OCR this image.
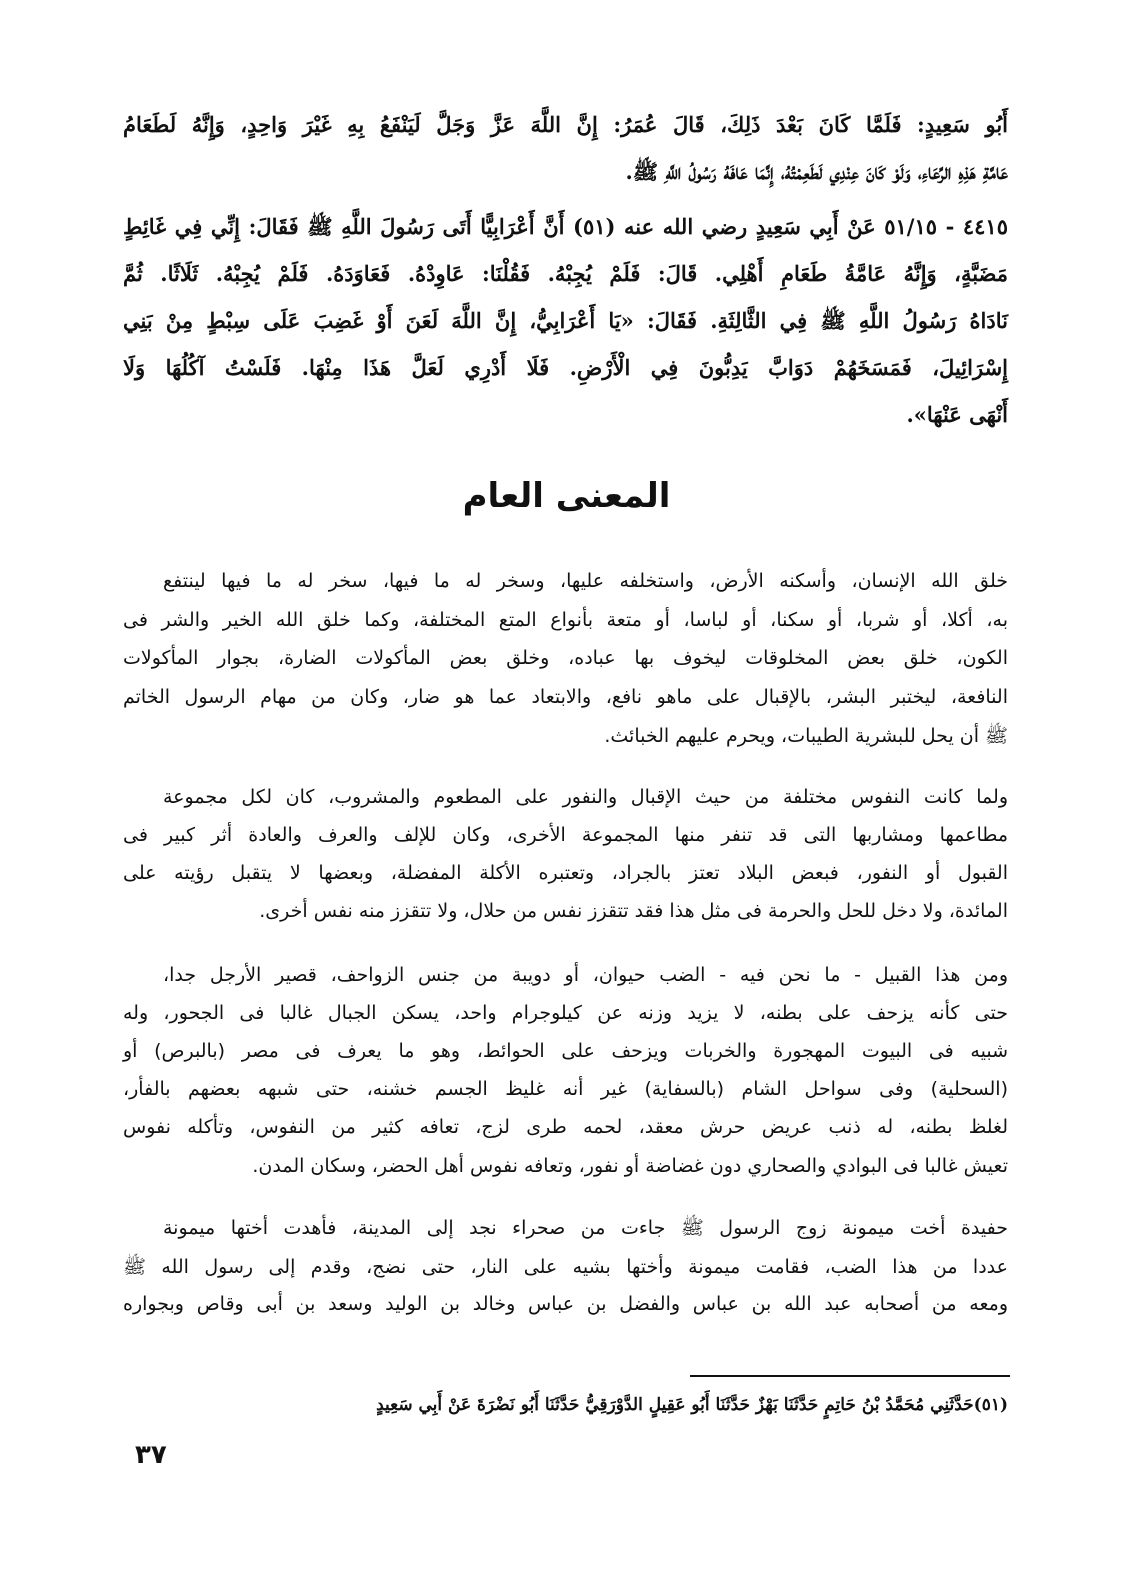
أَبُو سَعِيدٍ: فَلَمَّا كَانَ بَعْدَ ذَلِكَ، قَالَ عُمَرُ: إِنَّ اللَّهَ عَزَّ وَجَلَّ لَيَنْفَعُ بِهِ غَيْرَ وَاحِدٍ، وَإِنَّهُ لَطَعَامُ
عَامَّةِ هَذِهِ الرِّعَاءِ، وَلَوْ كَانَ عِنْدِي لَطَعِمْتُهُ، إِنَّمَا عَافَهُ رَسُولُ اللَّهِ ﷺ.
٤٤١٥ - ٥١/١٥ عَنْ أَبِي سَعِيدٍ رضي الله عنه (٥١) أَنَّ أَعْرَابِيًّا أَتَى رَسُولَ اللَّهِ ﷺ فَقَالَ: إِنِّي فِي غَائِطٍ
مَضَبَّةٍ، وَإِنَّهُ عَامَّةُ طَعَامِ أَهْلِي. قَالَ: فَلَمْ يُجِبْهُ. فَقُلْنَا: عَاوِدْهُ. فَعَاوَدَهُ. فَلَمْ يُجِبْهُ. ثَلَاثًا. ثُمَّ
نَادَاهُ رَسُولُ اللَّهِ ﷺ فِي الثَّالِثَةِ. فَقَالَ: «يَا أَعْرَابِيُّ، إِنَّ اللَّهَ لَعَنَ أَوْ غَضِبَ عَلَى سِبْطٍ مِنْ بَنِي
إِسْرَائِيلَ، فَمَسَخَهُمْ دَوَابَّ يَدِبُّونَ فِي الْأَرْضِ. فَلَا أَدْرِي لَعَلَّ هَذَا مِنْهَا. فَلَسْتُ آكُلُهَا وَلَا
أَنْهَى عَنْهَا».
المعنى العام
خلق الله الإنسان، وأسكنه الأرض، واستخلفه عليها، وسخر له ما فيها، سخر له ما فيها لينتفع
به، أكلا، أو شربا، أو سكنا، أو لباسا، أو متعة بأنواع المتع المختلفة، وكما خلق الله الخير والشر فى
الكون، خلق بعض المخلوقات ليخوف بها عباده، وخلق بعض المأكولات الضارة، بجوار المأكولات
النافعة، ليختبر البشر، بالإقبال على ماهو نافع، والابتعاد عما هو ضار، وكان من مهام الرسول الخاتم
ﷺ أن يحل للبشرية الطيبات، ويحرم عليهم الخبائث.
ولما كانت النفوس مختلفة من حيث الإقبال والنفور على المطعوم والمشروب، كان لكل مجموعة
مطاعمها ومشاربها التى قد تنفر منها المجموعة الأخرى، وكان للإلف والعرف والعادة أثر كبير فى
القبول أو النفور، فبعض البلاد تعتز بالجراد، وتعتبره الأكلة المفضلة، وبعضها لا يتقبل رؤيته على
المائدة، ولا دخل للحل والحرمة فى مثل هذا فقد تتقزز نفس من حلال، ولا تتقزز منه نفس أخرى.
ومن هذا القبيل - ما نحن فيه - الضب حيوان، أو دويبة من جنس الزواحف، قصير الأرجل جدا،
حتى كأنه يزحف على بطنه، لا يزيد وزنه عن كيلوجرام واحد، يسكن الجبال غالبا فى الجحور، وله
شبيه فى البيوت المهجورة والخربات ويزحف على الحوائط، وهو ما يعرف فى مصر (بالبرص) أو
(السحلية) وفى سواحل الشام (بالسفاية) غير أنه غليظ الجسم خشنه، حتى شبهه بعضهم بالفأر،
لغلظ بطنه، له ذنب عريض حرش معقد، لحمه طرى لزج، تعافه كثير من النفوس، وتأكله نفوس
تعيش غالبا فى البوادي والصحاري دون غضاضة أو نفور، وتعافه نفوس أهل الحضر، وسكان المدن.
حفيدة أخت ميمونة زوج الرسول ﷺ جاءت من صحراء نجد إلى المدينة، فأهدت أختها ميمونة
عددا من هذا الضب، فقامت ميمونة وأختها بشيه على النار، حتى نضج، وقدم إلى رسول الله ﷺ
ومعه من أصحابه عبد الله بن عباس والفضل بن عباس وخالد بن الوليد وسعد بن أبى وقاص وبجواره
(٥١)حَدَّثَنِي مُحَمَّدُ بْنُ حَاتِمٍ حَدَّثَنَا بَهْزٌ حَدَّثَنَا أَبُو عَقِيلٍ الدَّوْرَقِيُّ حَدَّثَنَا أَبُو نَضْرَةَ عَنْ أَبِي سَعِيدٍ
٣٧
